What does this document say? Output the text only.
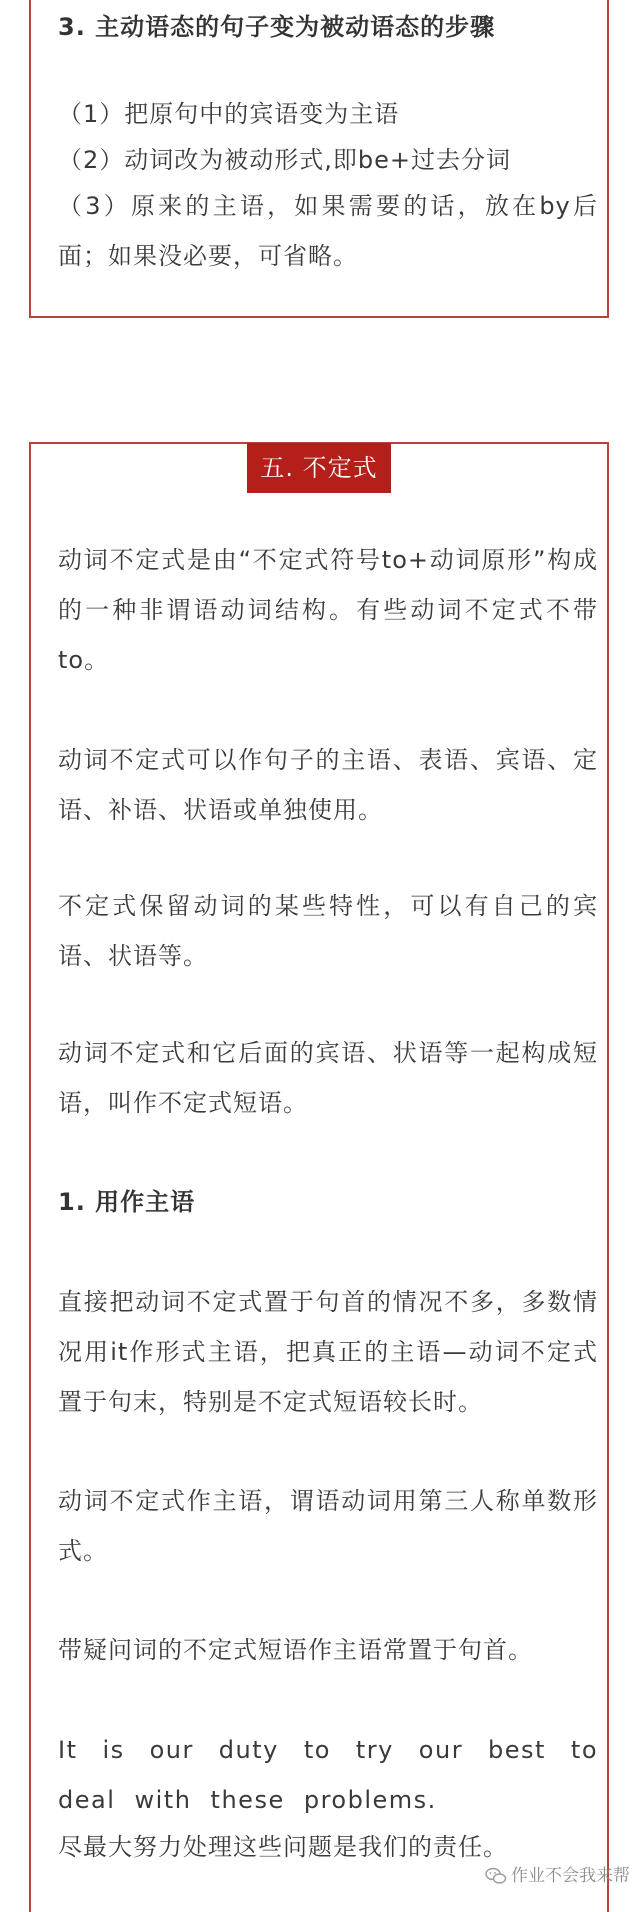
3. 主动语态的句子变为被动语态的步骤

（1）把原句中的宾语变为主语

（2）动词改为被动形式,即be+过去分词

（3）原来的主语，如果需要的话，放在by后面；如果没必要，可省略。

五. 不定式

动词不定式是由“不定式符号to+动词原形”构成的一种非谓语动词结构。有些动词不定式不带to。

动词不定式可以作句子的主语、表语、宾语、定语、补语、状语或单独使用。

不定式保留动词的某些特性，可以有自己的宾语、状语等。

动词不定式和它后面的宾语、状语等一起构成短语，叫作不定式短语。

1. 用作主语

直接把动词不定式置于句首的情况不多，多数情况用it作形式主语，把真正的主语—动词不定式置于句末，特别是不定式短语较长时。

动词不定式作主语，谓语动词用第三人称单数形式。

带疑问词的不定式短语作主语常置于句首。

It is our duty to try our best to deal with these problems.

尽最大努力处理这些问题是我们的责任。

作业不会我来帮
